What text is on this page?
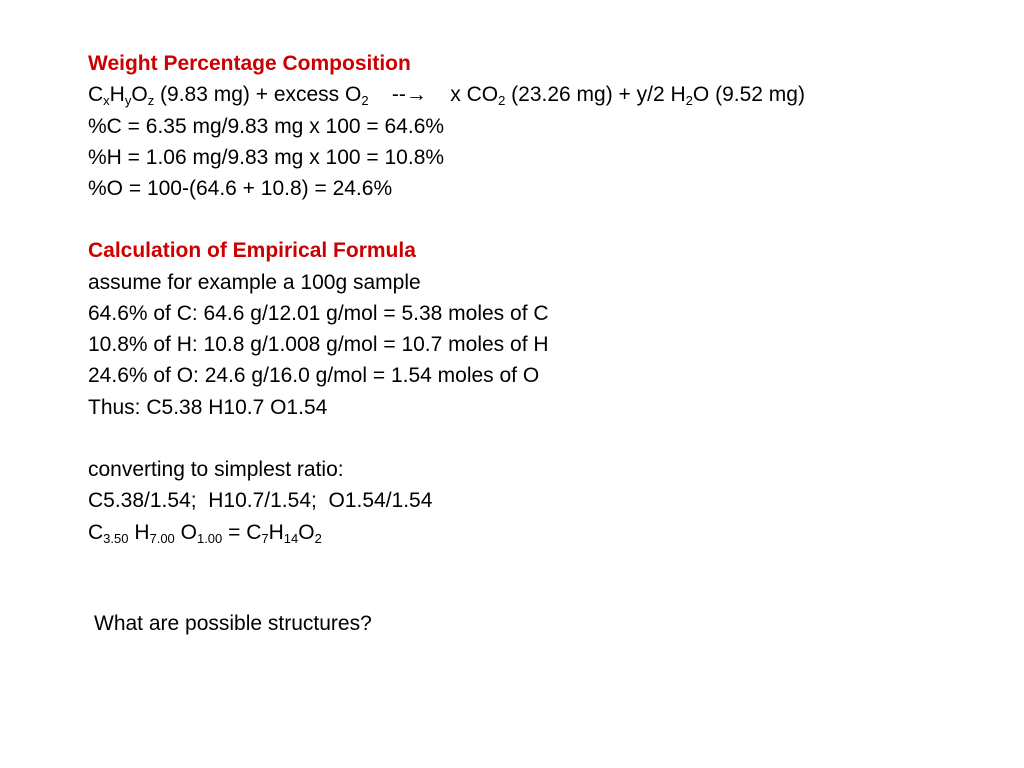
Weight Percentage Composition
$C_xH_yO_z$ (9.83 mg) + excess $O_2$    --→    x $CO_2$ (23.26 mg) + y/2 $H_2O$ (9.52 mg)
%C = 6.35 mg/9.83 mg x 100 = 64.6%
%H = 1.06 mg/9.83 mg x 100 = 10.8%
%O = 100-(64.6 + 10.8) = 24.6%
Calculation of Empirical Formula
assume for example a 100g sample
64.6% of C: 64.6 g/12.01 g/mol = 5.38 moles of C
10.8% of H: 10.8 g/1.008 g/mol = 10.7 moles of H
24.6% of O: 24.6 g/16.0 g/mol = 1.54 moles of O
Thus: C5.38 H10.7 O1.54
converting to simplest ratio:
C5.38/1.54;  H10.7/1.54;  O1.54/1.54
$C_{3.50}$ $H_{7.00}$ $O_{1.00} = C_7H_{14}O_2$
What are possible structures?
